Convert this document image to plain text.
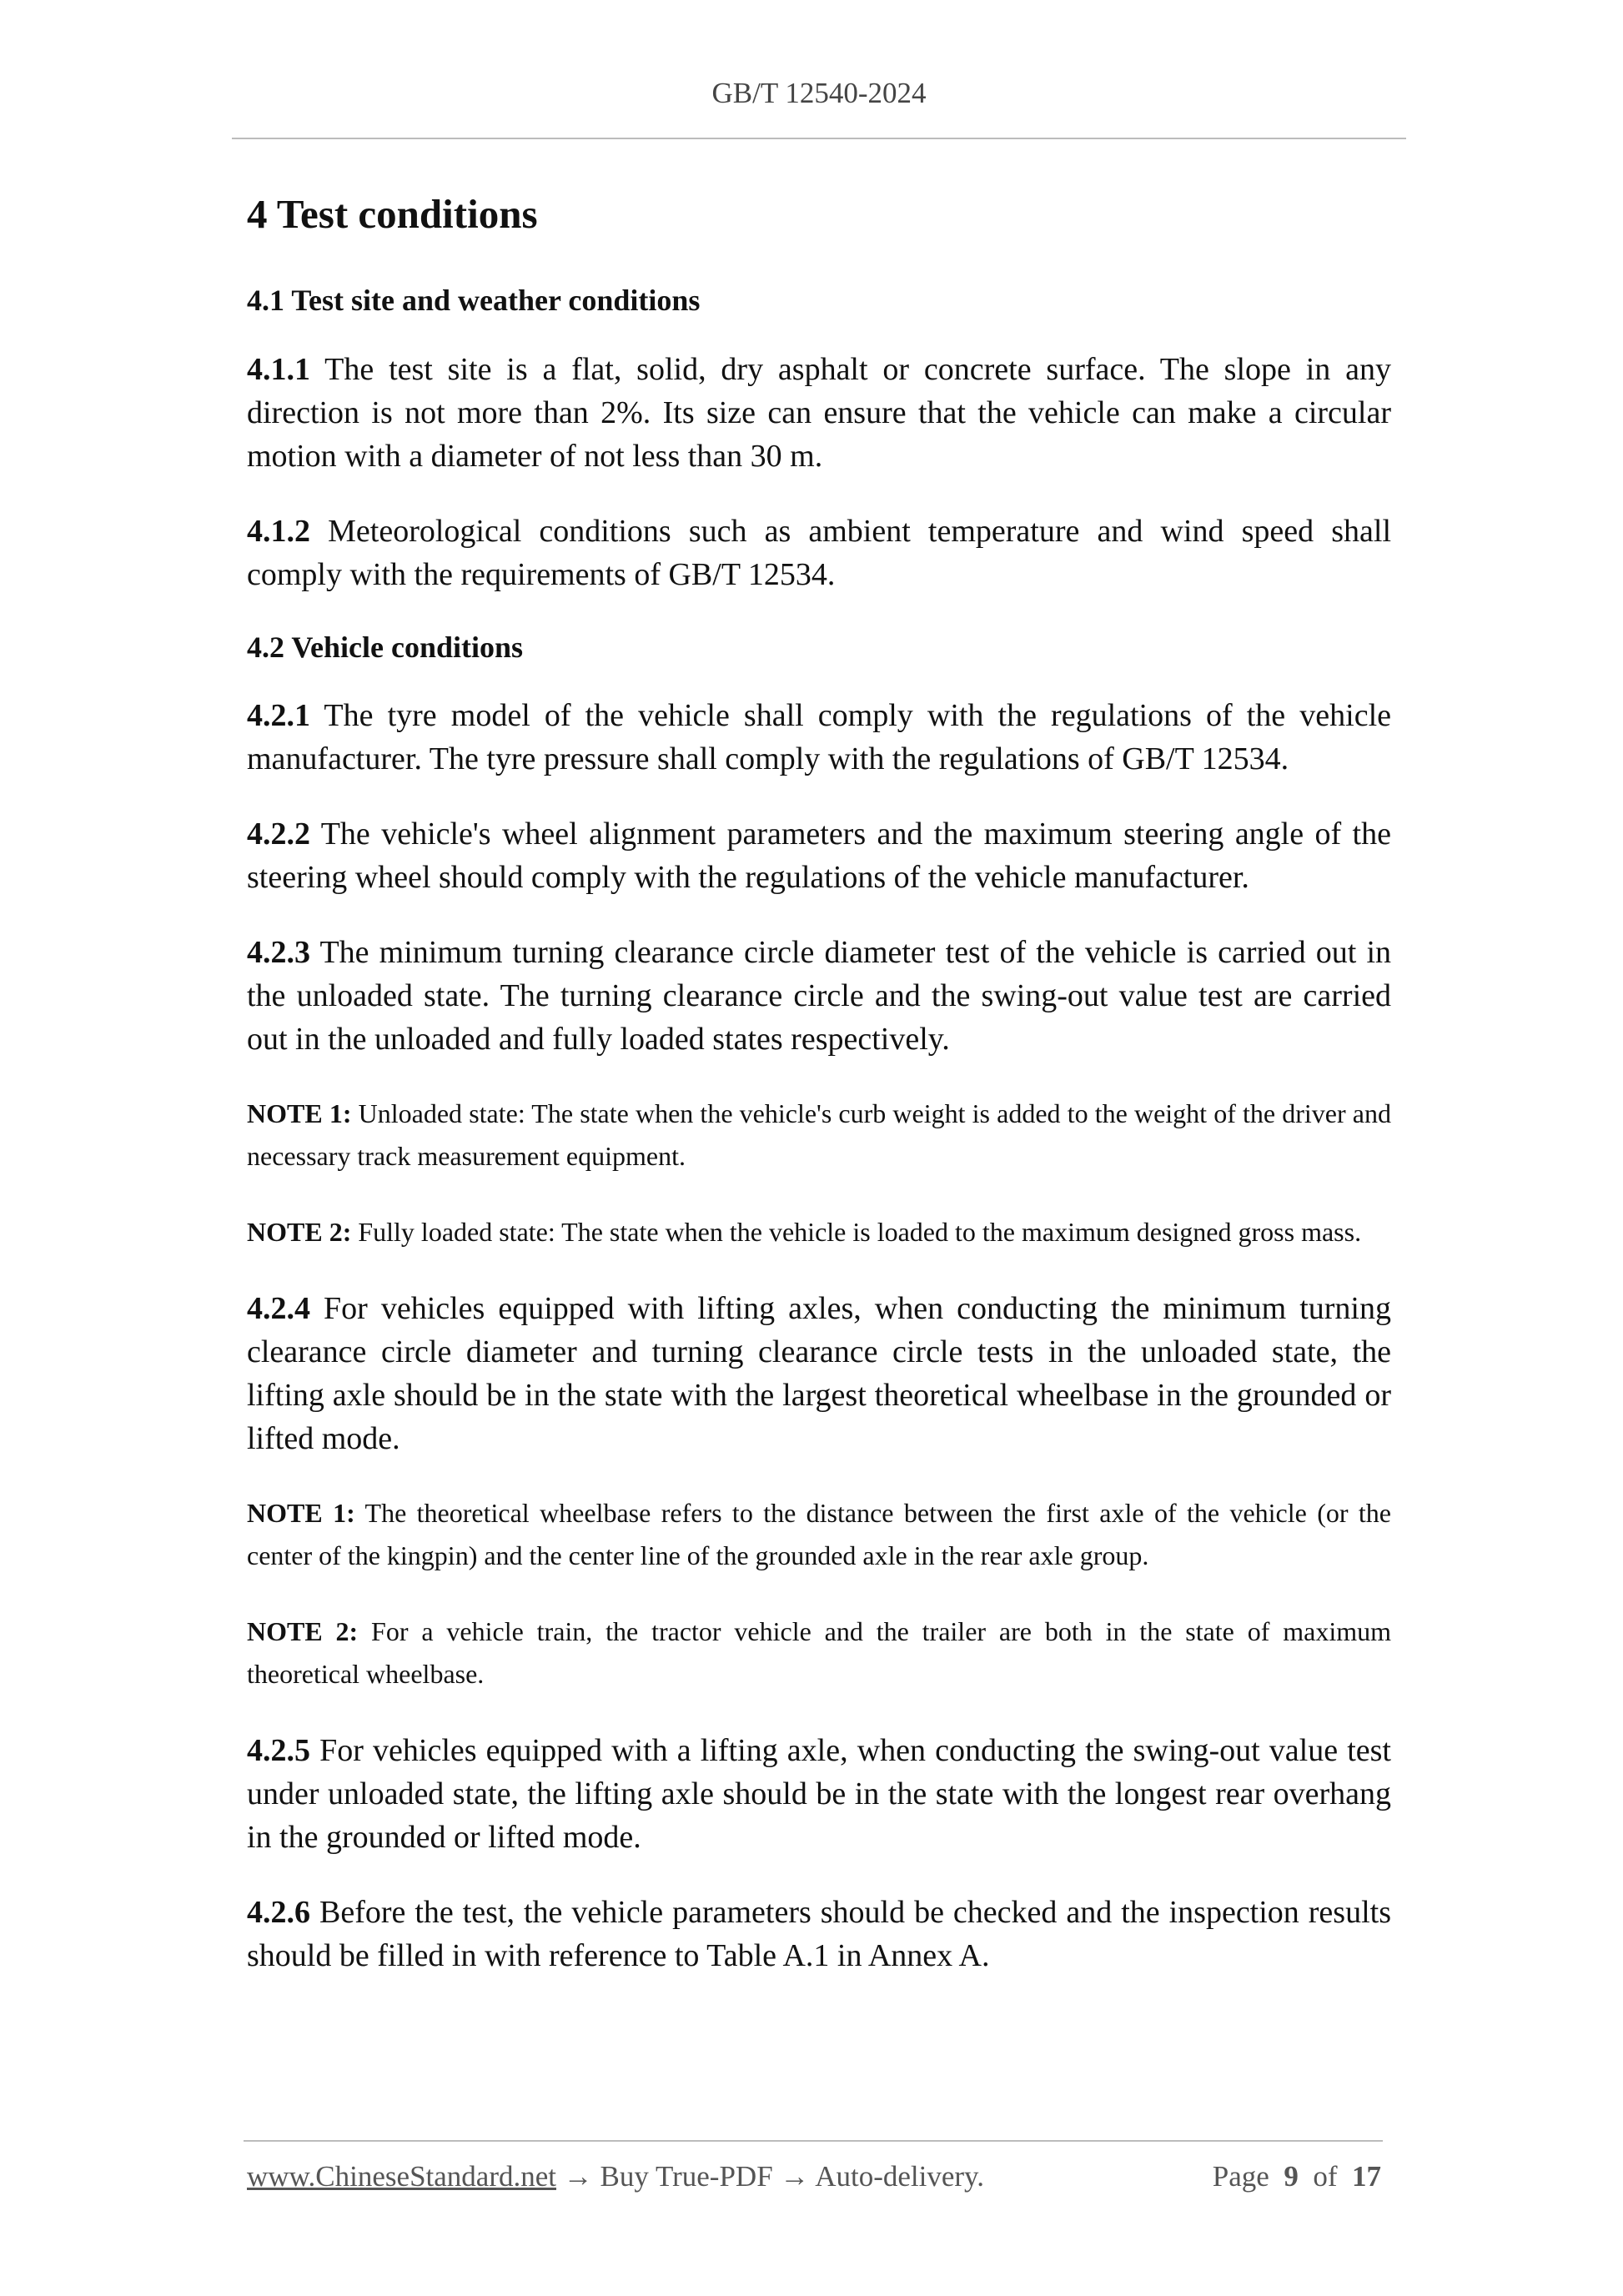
GB/T 12540-2024
4 Test conditions
4.1 Test site and weather conditions

4.1.1 The test site is a flat, solid, dry asphalt or concrete surface. The slope in any direction is not more than 2%. Its size can ensure that the vehicle can make a circular motion with a diameter of not less than 30 m.

4.1.2 Meteorological conditions such as ambient temperature and wind speed shall comply with the requirements of GB/T 12534.

4.2 Vehicle conditions

4.2.1 The tyre model of the vehicle shall comply with the regulations of the vehicle manufacturer. The tyre pressure shall comply with the regulations of GB/T 12534.

4.2.2 The vehicle's wheel alignment parameters and the maximum steering angle of the steering wheel should comply with the regulations of the vehicle manufacturer.

4.2.3 The minimum turning clearance circle diameter test of the vehicle is carried out in the unloaded state. The turning clearance circle and the swing-out value test are carried out in the unloaded and fully loaded states respectively.

NOTE 1: Unloaded state: The state when the vehicle's curb weight is added to the weight of the driver and necessary track measurement equipment.

NOTE 2: Fully loaded state: The state when the vehicle is loaded to the maximum designed gross mass.

4.2.4 For vehicles equipped with lifting axles, when conducting the minimum turning clearance circle diameter and turning clearance circle tests in the unloaded state, the lifting axle should be in the state with the largest theoretical wheelbase in the grounded or lifted mode.

NOTE 1: The theoretical wheelbase refers to the distance between the first axle of the vehicle (or the center of the kingpin) and the center line of the grounded axle in the rear axle group.

NOTE 2: For a vehicle train, the tractor vehicle and the trailer are both in the state of maximum theoretical wheelbase.

4.2.5 For vehicles equipped with a lifting axle, when conducting the swing-out value test under unloaded state, the lifting axle should be in the state with the longest rear overhang in the grounded or lifted mode.

4.2.6 Before the test, the vehicle parameters should be checked and the inspection results should be filled in with reference to Table A.1 in Annex A.

www.ChineseStandard.net → Buy True-PDF → Auto-delivery.	Page 9 of 17
